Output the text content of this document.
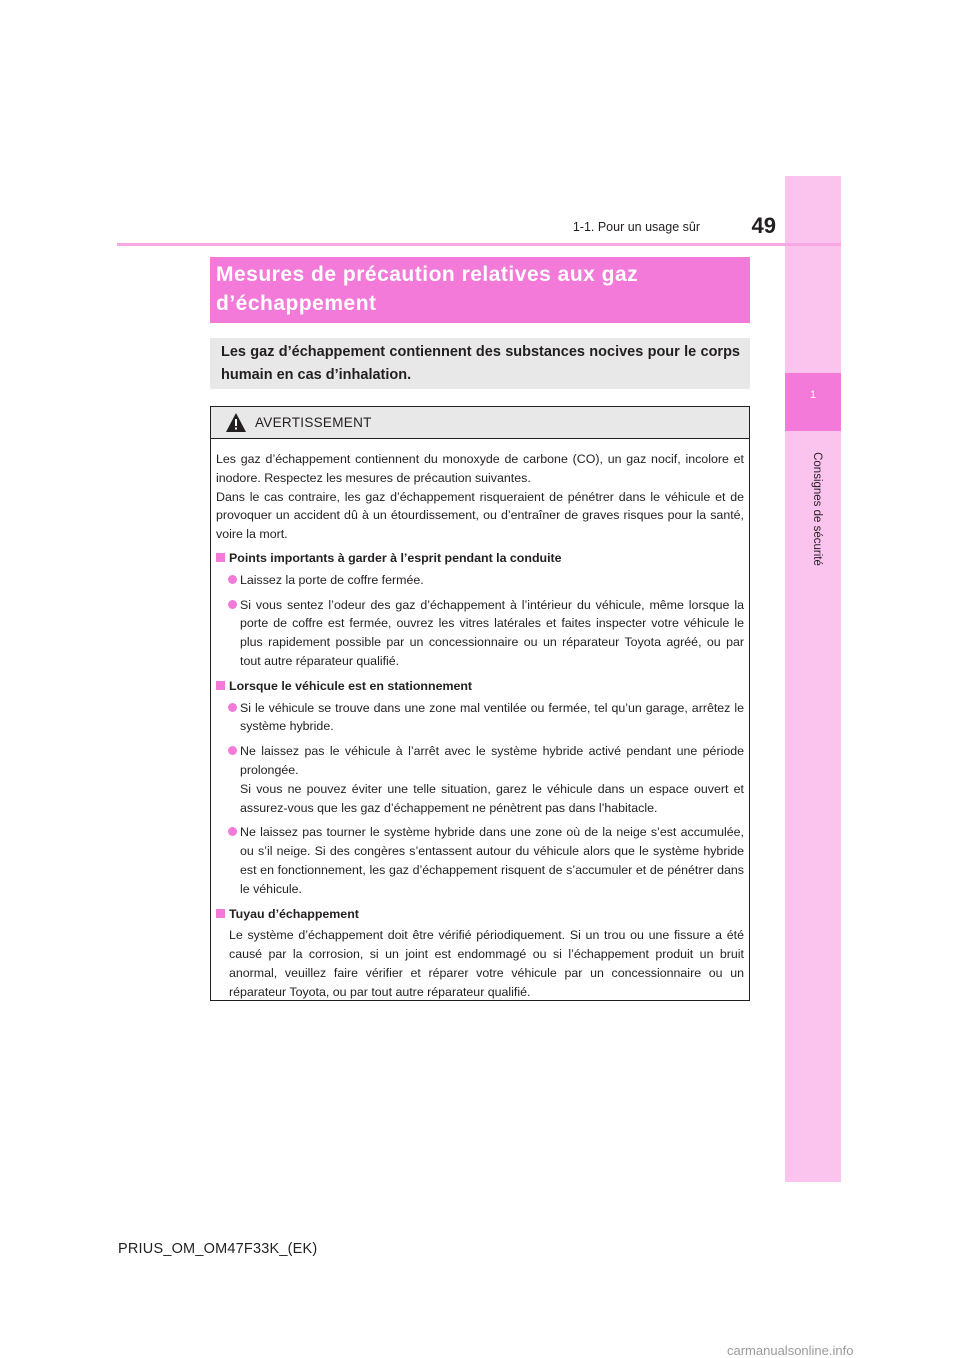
1
Consignes de sécurité
1-1. Pour un usage sûr	49
Mesures de précaution relatives aux gaz
d’échappement
Les gaz d’échappement contiennent des substances nocives pour le corps humain en cas d’inhalation.
AVERTISSEMENT

Les gaz d’échappement contiennent du monoxyde de carbone (CO), un gaz nocif, incolore et inodore. Respectez les mesures de précaution suivantes.

Dans le cas contraire, les gaz d’échappement risqueraient de pénétrer dans le véhicule et de provoquer un accident dû à un étourdissement, ou d’entraîner de graves risques pour la santé, voire la mort.

Points importants à garder à l’esprit pendant la conduite
Laissez la porte de coffre fermée.
Si vous sentez l’odeur des gaz d’échappement à l’intérieur du véhicule, même lorsque la porte de coffre est fermée, ouvrez les vitres latérales et faites inspecter votre véhicule le plus rapidement possible par un concessionnaire ou un réparateur Toyota agréé, ou par tout autre réparateur qualifié.
Lorsque le véhicule est en stationnement
Si le véhicule se trouve dans une zone mal ventilée ou fermée, tel qu’un garage, arrêtez le système hybride.
Ne laissez pas le véhicule à l’arrêt avec le système hybride activé pendant une période prolongée.
Si vous ne pouvez éviter une telle situation, garez le véhicule dans un espace ouvert et assurez-vous que les gaz d’échappement ne pénètrent pas dans l’habitacle.
Ne laissez pas tourner le système hybride dans une zone où de la neige s’est accumulée, ou s’il neige. Si des congères s’entassent autour du véhicule alors que le système hybride est en fonctionnement, les gaz d’échappement risquent de s’accumuler et de pénétrer dans le véhicule.
Tuyau d’échappement

Le système d’échappement doit être vérifié périodiquement. Si un trou ou une fissure a été causé par la corrosion, si un joint est endommagé ou si l’échappement produit un bruit anormal, veuillez faire vérifier et réparer votre véhicule par un concessionnaire ou un réparateur Toyota, ou par tout autre réparateur qualifié.

PRIUS_OM_OM47F33K_(EK)
carmanualsonline.info
